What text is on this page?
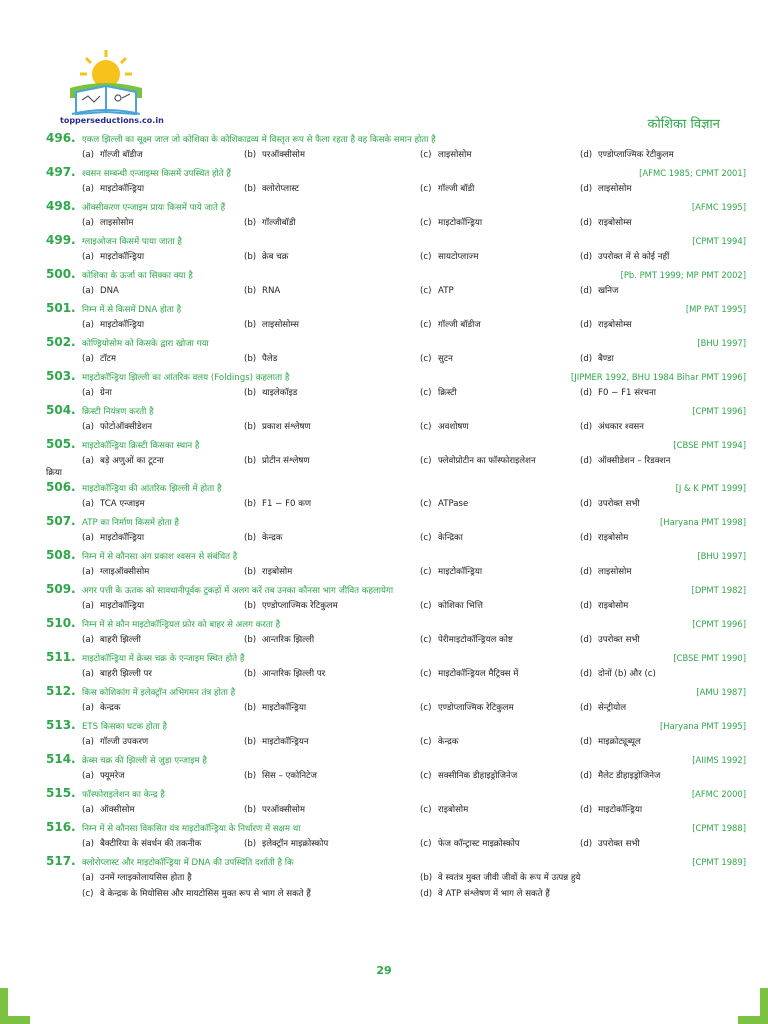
topperseductions.co.in	कोशिका विज्ञान
496. एकल झिल्ली का सूक्ष्म जाल जो कोशिका के कोशिकाद्रव्य में विस्तृत रूप से फैला रहता है वह किसके समान होता है
(a) गॉल्जी बॉडीज	(b) परऑक्सीसोम	(c) लाइसोसोम	(d) एण्डोप्लाज्मिक रेटीकुलम
497. श्वसन सम्बन्धी एन्जाइम्स किसमें उपस्थित होते हैं	[AFMC 1985; CPMT 2001]
(a) माइटोकॉन्ड्रिया	(b) क्लोरोप्लास्ट	(c) गॉल्जी बॉडी	(d) लाइसोसोम
498. ऑक्सीकरण एन्जाइम प्रायः किसमें पाये जाते हैं	[AFMC 1995]
(a) लाइसोसोम	(b) गॉल्जीबॉडी	(c) माइटोकॉन्ड्रिया	(d) राइबोसोम्स
499. ग्लाइओजन किसमें पाया जाता है	[CPMT 1994]
(a) माइटोकॉन्ड्रिया	(b) क्रेब चक्र	(c) सायटोप्लाज्म	(d) उपरोक्त में से कोई नहीं
500. कोशिका के ऊर्जा का सिक्का क्या है	[Pb. PMT 1999; MP PMT 2002]
(a) DNA	(b) RNA	(c) ATP	(d) खनिज
501. निम्न में से किसमें DNA होता है	[MP PAT 1995]
(a) माइटोकॉन्ड्रिया	(b) लाइसोसोम्स	(c) गॉल्जी बॉडीज	(d) राइबोसोम्स
502. कोण्ड्रियोसोम को किसके द्वारा खोजा गया	[BHU 1997]
(a) टॉटम	(b) पैलेड	(c) सुटन	(d) बैण्डा
503. माइटोकॉन्ड्रिया झिल्ली का आंतरिक वलय (Foldings) कहलाता है	[JIPMER 1992, BHU 1984 Bihar PMT 1996]
(a) ग्रेना	(b) थाइलेकॉइड	(c) क्रिस्टी	(d) F0 − F1 संरचना
504. क्रिस्टी नियंत्रण करती है	[CPMT 1996]
(a) फोटोऑक्सीडेशन	(b) प्रकाश संश्लेषण	(c) अवशोषण	(d) अंधकार श्वसन
505. माइटोकॉन्ड्रिया क्रिस्टी किसका स्थान है	[CBSE PMT 1994]
(a) बड़े अणुओं का टूटना	(b) प्रोटीन संश्लेषण	(c) फ्लेवोप्रोटीन का फॉस्फोराइलेशन	(d) ऑक्सीडेशन – रिडक्शन
क्रिया
506. माइटोकॉन्ड्रिया की आंतरिक झिल्ली में होता है	[J & K PMT 1999]
(a) TCA एन्जाइम	(b) F1 − F0 कण	(c) ATPase	(d) उपरोक्त सभी
507. ATP का निर्माण किसमें होता है	[Haryana PMT 1998]
(a) माइटोकॉन्ड्रिया	(b) केन्द्रक	(c) केन्द्रिका	(d) राइबोसोम
508. निम्न में से कौनसा अंग प्रकाश श्वसन से संबंधित है	[BHU 1997]
(a) ग्लाइऑक्सीसोम	(b) राइबोसोम	(c) माइटोकॉन्ड्रिया	(d) लाइसोसोम
509. अगर पत्ती के ऊतक को सावधानीपूर्वक टुकड़ों में अलग करें तब उनका कौनसा भाग जीवित कहलायेगा	[DPMT 1982]
(a) माइटोकॉन्ड्रिया	(b) एण्डोप्लाज्मिक रेटिकुलम	(c) कोशिका भित्ति	(d) राइबोसोम
510. निम्न में से कौन माइटोकॉन्ड्रियल फ्रोर को बाहर से अलग करता है	[CPMT 1996]
(a) बाहरी झिल्ली	(b) आन्तरिक झिल्ली	(c) पेरीमाइटोकॉन्ड्रियल कोष्ट	(d) उपरोक्त सभी
511. माइटोकॉन्ड्रिया में क्रेब्स चक्र के एन्जाइम स्थित होते हैं	[CBSE PMT 1990]
(a) बाहरी झिल्ली पर	(b) आन्तरिक झिल्ली पर	(c) माइटोकॉन्ड्रियल मैट्रिक्स में	(d) दोनों (b) और (c)
512. किस कोशिकांग में इलेक्ट्रॉन अभिगमन तंत्र होता है	[AMU 1987]
(a) केन्द्रक	(b) माइटोकॉन्ड्रिया	(c) एण्डोप्लाज्मिक रेटिकुलम	(d) सेन्ट्रीयोल
513. ETS किसका घटक होता है	[Haryana PMT 1995]
(a) गॉल्जी उपकरण	(b) माइटोकॉन्ड्रियन	(c) केन्द्रक	(d) माइक्रोट्यूब्यूल
514. क्रेब्स चक्र की झिल्ली से जुड़ा एन्जाइम है	[AIIMS 1992]
(a) फ्यूमरेज	(b) सिस – एकोनिटेज	(c) सक्सीनिक डीहाइड्रोजिनेज	(d) मैलेट डीहाइड्रोजिनेज
515. फॉस्फोराइलेशन का केन्द्र है	[AFMC 2000]
(a) ऑक्सीसोम	(b) परऑक्सीसोम	(c) राइबोसोम	(d) माइटोकॉन्ड्रिया
516. निम्न में से कौनसा विकसित यंत्र माइटोकॉन्ड्रिया के निर्धारण में सक्षम था	[CPMT 1988]
(a) बैक्टीरिया के संवर्धन की तकनीक	(b) इलेक्ट्रॉन माइक्रोस्कोप	(c) फेज कॉन्ट्रास्ट माइक्रोस्कोप	(d) उपरोक्त सभी
517. क्लोरोप्लास्ट और माइटोकॉन्ड्रिया में DNA की उपस्थिति दर्शाती है कि	[CPMT 1989]
(a) उनमें ग्लाइकोलायसिस होता है	(b) वे स्वतंत्र मुक्त जीवी जीवों के रूप में उत्पन्न हुये
(c) वे केन्द्रक के मियोसिस और मायटोसिस मुक्त रूप से भाग ले सकते हैं	(d) वे ATP संश्लेषण में भाग ले सकते हैं
29
